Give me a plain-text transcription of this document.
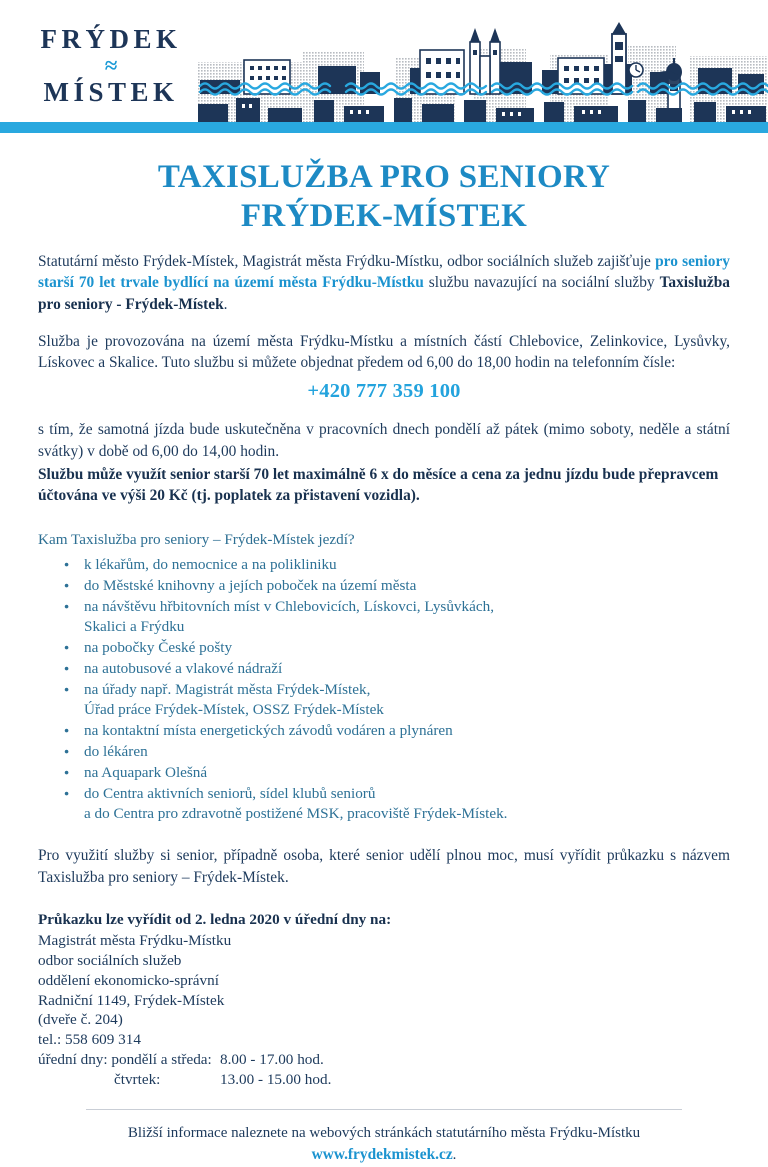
FRÝDEK
≈
MÍSTEK
TAXISLUŽBA PRO SENIORY
FRÝDEK-MÍSTEK

Statutární město Frýdek-Místek, Magistrát města Frýdku-Místku, odbor sociálních služeb zajišťuje pro seniory starší 70 let trvale bydlící na území města Frýdku-Místku službu navazující na sociální služby Taxislužba pro seniory - Frýdek-Místek.

Služba je provozována na území města Frýdku-Místku a místních částí Chlebovice, Zelinkovice, Lysůvky, Lískovec a Skalice. Tuto službu si můžete objednat předem od 6,00 do 18,00 hodin na telefonním čísle:

+420 777 359 100

s tím, že samotná jízda bude uskutečněna v pracovních dnech pondělí až pátek (mimo soboty, neděle a státní svátky) v době od 6,00 do 14,00 hodin.

Službu může využít senior starší 70 let maximálně 6 x do měsíce a cena za jednu jízdu bude přepravcem účtována ve výši 20 Kč (tj. poplatek za přistavení vozidla).

Kam Taxislužba pro seniory – Frýdek-Místek jezdí?
● k lékařům, do nemocnice a na polikliniku
● do Městské knihovny a jejích poboček na území města
● na návštěvu hřbitovních míst v Chlebovicích, Lískovci, Lysůvkách,
Skalici a Frýdku
● na pobočky České pošty
● na autobusové a vlakové nádraží
● na úřady např. Magistrát města Frýdek-Místek,
Úřad práce Frýdek-Místek, OSSZ Frýdek-Místek
● na kontaktní místa energetických závodů vodáren a plynáren
● do lékáren
● na Aquapark Olešná
● do Centra aktivních seniorů, sídel klubů seniorů
a do Centra pro zdravotně postižené MSK, pracoviště Frýdek-Místek.

Pro využití služby si senior, případně osoba, které senior udělí plnou moc, musí vyřídit průkazku s názvem Taxislužba pro seniory – Frýdek-Místek.

Průkazku lze vyřídit od 2. ledna 2020 v úřední dny na:
Magistrát města Frýdku-Místku
odbor sociálních služeb
oddělení ekonomicko-správní
Radniční 1149, Frýdek-Místek
(dveře č. 204)
tel.: 558 609 314
úřední dny: pondělí a středa: 8.00 - 17.00 hod.
čtvrtek:	13.00 - 15.00 hod.
Bližší informace naleznete na webových stránkách statutárního města Frýdku-Místku
www.frydekmistek.cz.
